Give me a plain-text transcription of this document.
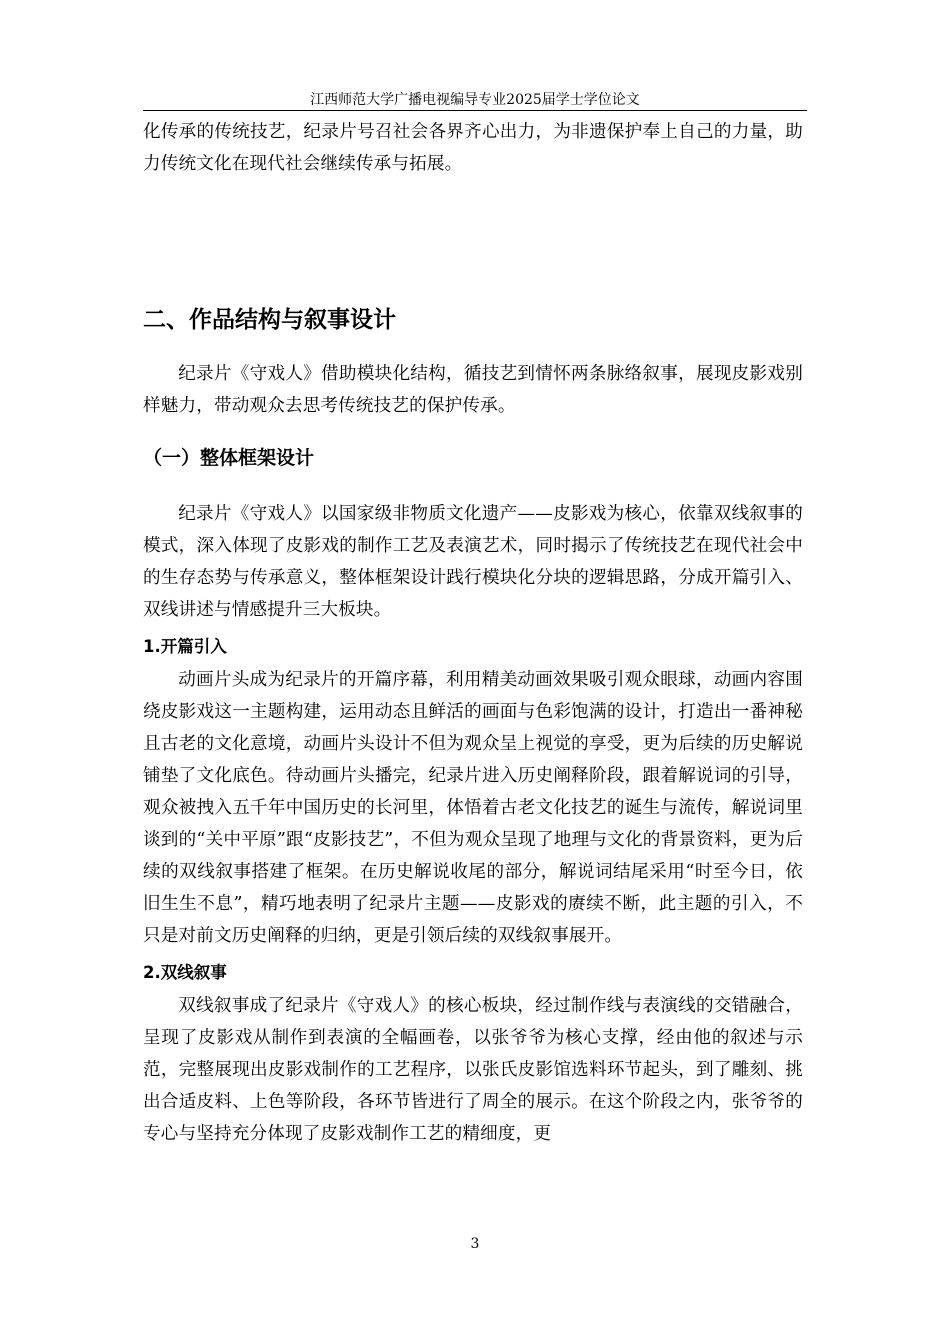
江西师范大学广播电视编导专业2025届学士学位论文

化传承的传统技艺，纪录片号召社会各界齐心出力，为非遗保护奉上自己的力量，助力传统文化在现代社会继续传承与拓展。

二、作品结构与叙事设计

纪录片《守戏人》借助模块化结构，循技艺到情怀两条脉络叙事，展现皮影戏别样魅力，带动观众去思考传统技艺的保护传承。

（一）整体框架设计

纪录片《守戏人》以国家级非物质文化遗产——皮影戏为核心，依靠双线叙事的模式，深入体现了皮影戏的制作工艺及表演艺术，同时揭示了传统技艺在现代社会中的生存态势与传承意义，整体框架设计践行模块化分块的逻辑思路，分成开篇引入、双线讲述与情感提升三大板块。

1.开篇引入

动画片头成为纪录片的开篇序幕，利用精美动画效果吸引观众眼球，动画内容围绕皮影戏这一主题构建，运用动态且鲜活的画面与色彩饱满的设计，打造出一番神秘且古老的文化意境，动画片头设计不但为观众呈上视觉的享受，更为后续的历史解说铺垫了文化底色。待动画片头播完，纪录片进入历史阐释阶段，跟着解说词的引导，观众被拽入五千年中国历史的长河里，体悟着古老文化技艺的诞生与流传，解说词里谈到的“关中平原”跟“皮影技艺”，不但为观众呈现了地理与文化的背景资料，更为后续的双线叙事搭建了框架。在历史解说收尾的部分，解说词结尾采用“时至今日，依旧生生不息”，精巧地表明了纪录片主题——皮影戏的赓续不断，此主题的引入，不只是对前文历史阐释的归纳，更是引领后续的双线叙事展开。

2.双线叙事

双线叙事成了纪录片《守戏人》的核心板块，经过制作线与表演线的交错融合，呈现了皮影戏从制作到表演的全幅画卷，以张爷爷为核心支撑，经由他的叙述与示范，完整展现出皮影戏制作的工艺程序，以张氏皮影馆选料环节起头，到了雕刻、挑出合适皮料、上色等阶段，各环节皆进行了周全的展示。在这个阶段之内，张爷爷的专心与坚持充分体现了皮影戏制作工艺的精细度，更

3
